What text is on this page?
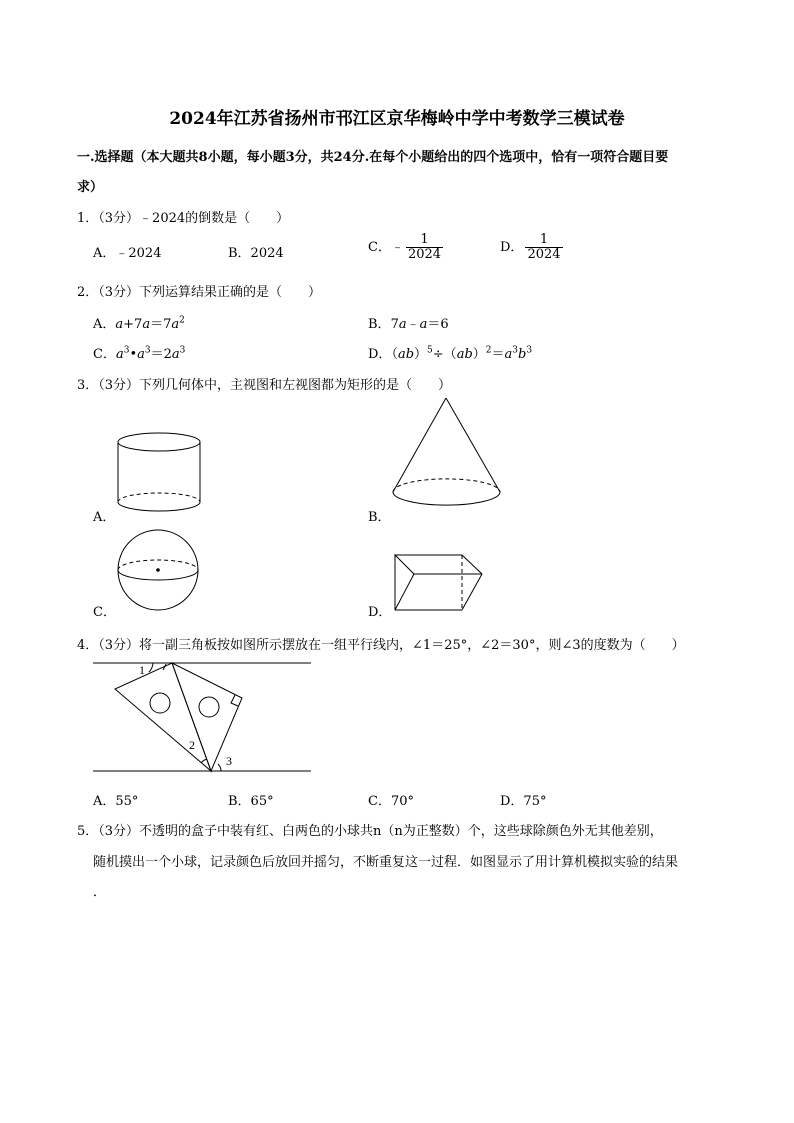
2024年江苏省扬州市邗江区京华梅岭中学中考数学三模试卷
一.选择题（本大题共8小题，每小题3分，共24分.在每个小题给出的四个选项中，恰有一项符合题目要
求）
1．（3分）﹣2024的倒数是（　　）
A．﹣2024	B．2024	C．﹣ $\frac{1}{2024}$	D． $\frac{1}{2024}$
2．（3分）下列运算结果正确的是（　　）
A．$a+7a=7a^2$	B．7a﹣a＝6
C．$a^3•a^3=2a^3$	D．$(ab)^5\div(ab)^2=a^3b^3$
3．（3分）下列几何体中，主视图和左视图都为矩形的是（　　）
A．	B．
C．	D．
4．（3分）将一副三角板按如图所示摆放在一组平行线内，∠1＝25°，∠2＝30°，则∠3的度数为（　　）
1
2
3
A．55°	B．65°	C．70°	D．75°
5．（3分）不透明的盒子中装有红、白两色的小球共n（n为正整数）个，这些球除颜色外无其他差别，
随机摸出一个小球，记录颜色后放回并摇匀，不断重复这一过程．如图显示了用计算机模拟实验的结果
．
